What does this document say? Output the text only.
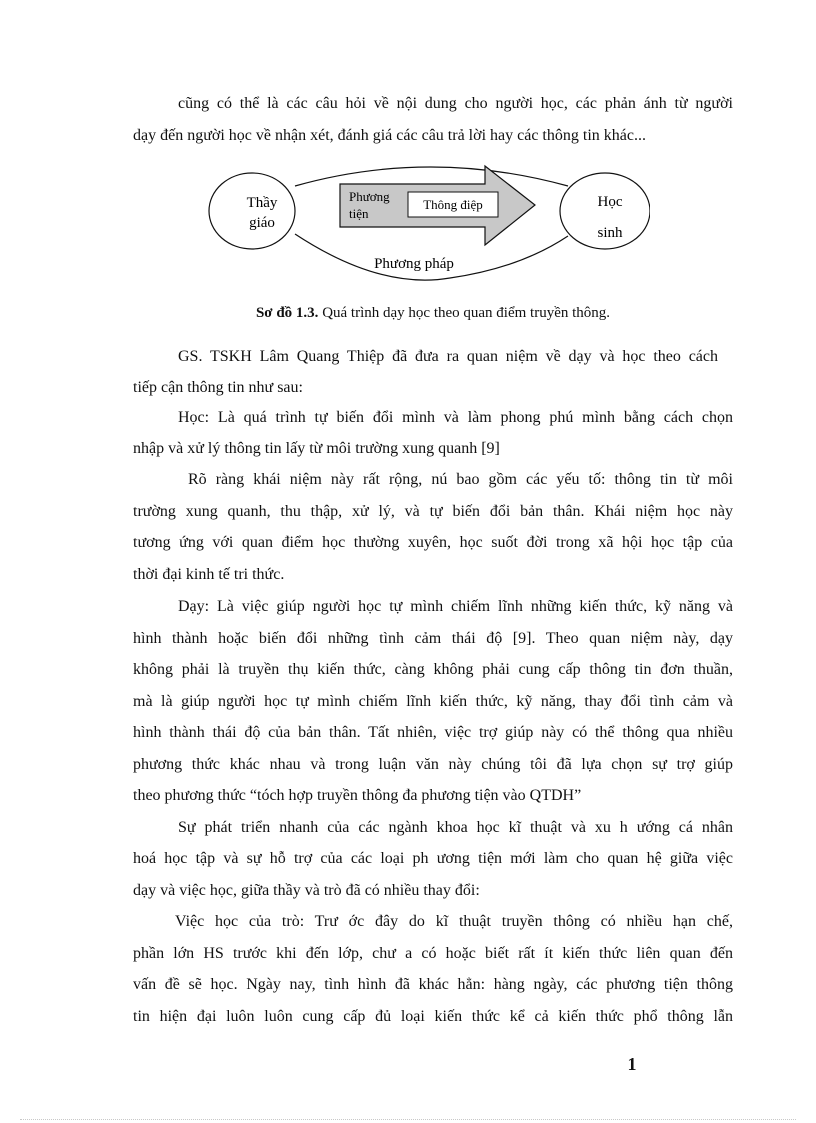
cũng có thể là các câu hỏi về nội dung cho người học, các phản ánh từ người
dạy đến người học về nhận xét, đánh giá các câu trả lời hay các thông tin khác...
Thầy
giáo
Học
sinh
Phương
tiện
Thông điệp
Phương pháp
Sơ đồ 1.3. Quá trình dạy học theo quan điểm truyền thông.
GS. TSKH Lâm Quang Thiệp đã đưa ra quan niệm về dạy và học theo cách
tiếp cận thông tin như sau:
Học: Là quá trình tự biến đổi mình và làm phong phú mình bằng cách chọn
nhập và xử lý thông tin lấy từ môi trường xung quanh [9]
Rõ ràng khái niệm này rất rộng, nú bao gồm các yếu tố: thông tin từ môi
trường xung quanh, thu thập, xử lý, và tự biến đổi bản thân. Khái niệm học này
tương ứng với quan điểm học thường xuyên, học suốt đời trong xã hội học tập của
thời đại kinh tế tri thức.
Dạy: Là việc giúp người học tự mình chiếm lĩnh những kiến thức, kỹ năng và
hình thành hoặc biến đổi những tình cảm thái độ [9]. Theo quan niệm này, dạy
không phải là truyền thụ kiến thức, càng không phải cung cấp thông tin đơn thuần,
mà là giúp người học tự mình chiếm lĩnh kiến thức, kỹ năng, thay đổi tình cảm và
hình thành thái độ của bản thân. Tất nhiên, việc trợ giúp này có thể thông qua nhiều
phương thức khác nhau và trong luận văn này chúng tôi đã lựa chọn sự trợ giúp
theo phương thức “tóch hợp truyền thông đa phương tiện vào QTDH”
Sự phát triển nhanh của các ngành khoa học kĩ thuật và xu h ướng cá nhân
hoá học tập và sự hỗ trợ của các loại ph ương tiện mới làm cho quan hệ giữa việc
dạy và việc học, giữa thầy và trò đã có nhiều thay đổi:
Việc học của trò: Trư ớc đây do kĩ thuật truyền thông có nhiều hạn chế,
phần lớn HS trước khi đến lớp, chư a có hoặc biết rất ít kiến thức liên quan đến
vấn đề sẽ học. Ngày nay, tình hình đã khác hẳn: hàng ngày, các phương tiện thông
tin hiện đại luôn luôn cung cấp đủ loại kiến thức kể cả kiến thức phổ thông lẫn
1
